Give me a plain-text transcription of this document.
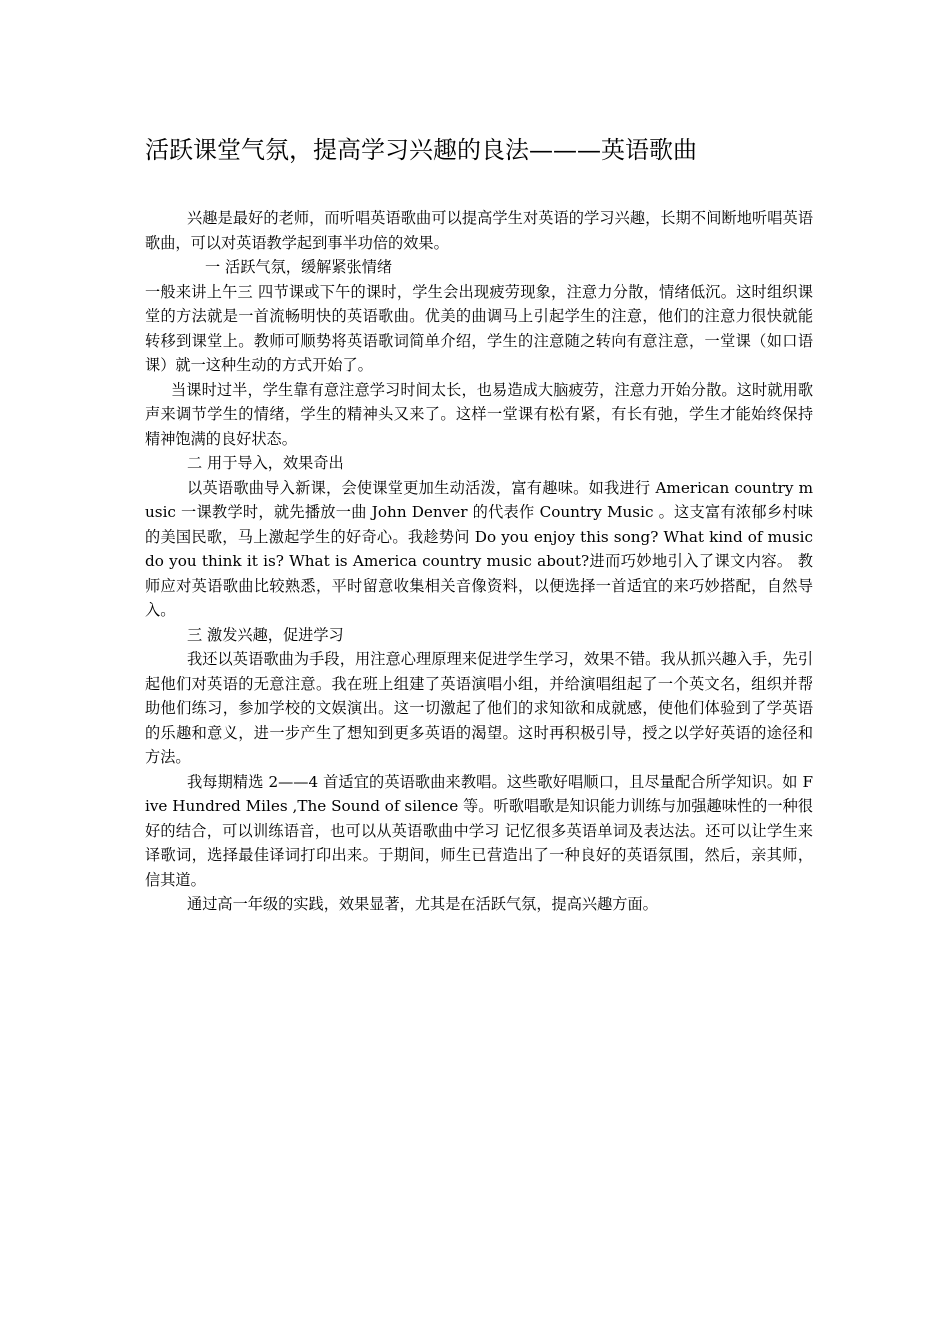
活跃课堂气氛，提高学习兴趣的良法———英语歌曲

兴趣是最好的老师，而听唱英语歌曲可以提高学生对英语的学习兴趣，长期不间断地听唱英语歌曲，可以对英语教学起到事半功倍的效果。

一 活跃气氛，缓解紧张情绪

一般来讲上午三 四节课或下午的课时，学生会出现疲劳现象，注意力分散，情绪低沉。这时组织课堂的方法就是一首流畅明快的英语歌曲。优美的曲调马上引起学生的注意，他们的注意力很快就能转移到课堂上。教师可顺势将英语歌词简单介绍，学生的注意随之转向有意注意，一堂课（如口语课）就一这种生动的方式开始了。

当课时过半，学生靠有意注意学习时间太长，也易造成大脑疲劳，注意力开始分散。这时就用歌声来调节学生的情绪，学生的精神头又来了。这样一堂课有松有紧，有长有弛，学生才能始终保持精神饱满的良好状态。

二 用于导入，效果奇出

以英语歌曲导入新课，会使课堂更加生动活泼，富有趣味。如我进行 American country music 一课教学时，就先播放一曲 John Denver 的代表作 Country Music 。这支富有浓郁乡村味的美国民歌，马上激起学生的好奇心。我趁势问 Do you enjoy this song? What kind of music do you think it is? What is America country music about?进而巧妙地引入了课文内容。 教师应对英语歌曲比较熟悉，平时留意收集相关音像资料，以便选择一首适宜的来巧妙搭配，自然导入。

三 激发兴趣，促进学习

我还以英语歌曲为手段，用注意心理原理来促进学生学习，效果不错。我从抓兴趣入手，先引起他们对英语的无意注意。我在班上组建了英语演唱小组，并给演唱组起了一个英文名，组织并帮助他们练习，参加学校的文娱演出。这一切激起了他们的求知欲和成就感，使他们体验到了学英语的乐趣和意义，进一步产生了想知到更多英语的渴望。这时再积极引导，授之以学好英语的途径和方法。

我每期精选 2——4 首适宜的英语歌曲来教唱。这些歌好唱顺口，且尽量配合所学知识。如 Five Hundred Miles ,The Sound of silence 等。听歌唱歌是知识能力训练与加强趣味性的一种很好的结合，可以训练语音，也可以从英语歌曲中学习 记忆很多英语单词及表达法。还可以让学生来译歌词，选择最佳译词打印出来。于期间，师生已营造出了一种良好的英语氛围，然后，亲其师，信其道。

通过高一年级的实践，效果显著，尤其是在活跃气氛，提高兴趣方面。
